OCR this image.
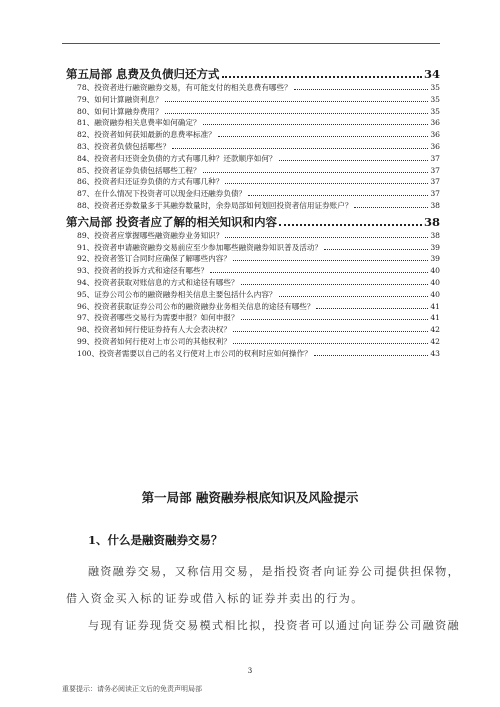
第五局部 息费及负债归还方式	34
78、投资者进行融资融券交易，有可能支付的相关息费有哪些？	35
79、如何计算融资利息？	35
80、如何计算融券费用？	35
81、融资融券相关息费率如何确定？	36
82、投资者如何获知最新的息费率标准？	36
83、投资者负债包括哪些？	36
84、投资者归还资金负债的方式有哪几种？还款顺序如何？	37
85、投资者证券负债包括哪些工程？	37
86、投资者归还证券负债的方式有哪几种？	37
87、在什么情况下投资者可以现金归还融券负债？	37
88、投资者还券数量多于其融券数量时，余券局部如何划回投资者信用证券账户？	38
第六局部 投资者应了解的相关知识和内容	38
89、投资者应掌握哪些融资融券业务知识？	38
91、投资者申请融资融券交易前应至少参加哪些融资融券知识普及活动？	39
92、投资者签订合同时应确保了解哪些内容？	39
93、投资者的投诉方式和途径有哪些？	40
94、投资者获取对账信息的方式和途径有哪些？	40
95、证券公司公布的融资融券相关信息主要包括什么内容？	40
96、投资者获取证券公司公布的融资融券业务相关信息的途径有哪些？	41
97、投资者哪些交易行为需要申报？如何申报？	41
98、投资者如何行使证券持有人大会表决权？	42
99、投资者如何行使对上市公司的其他权利？	42
100、投资者需要以自己的名义行使对上市公司的权利时应如何操作？	43
第一局部 融资融券根底知识及风险提示
1、什么是融资融券交易？
融资融券交易，又称信用交易，是指投资者向证券公司提供担保物，
借入资金买入标的证券或借入标的证券并卖出的行为。
与现有证券现货交易模式相比拟，投资者可以通过向证券公司融资融
3
重要提示：请务必阅读正文后的免责声明局部
